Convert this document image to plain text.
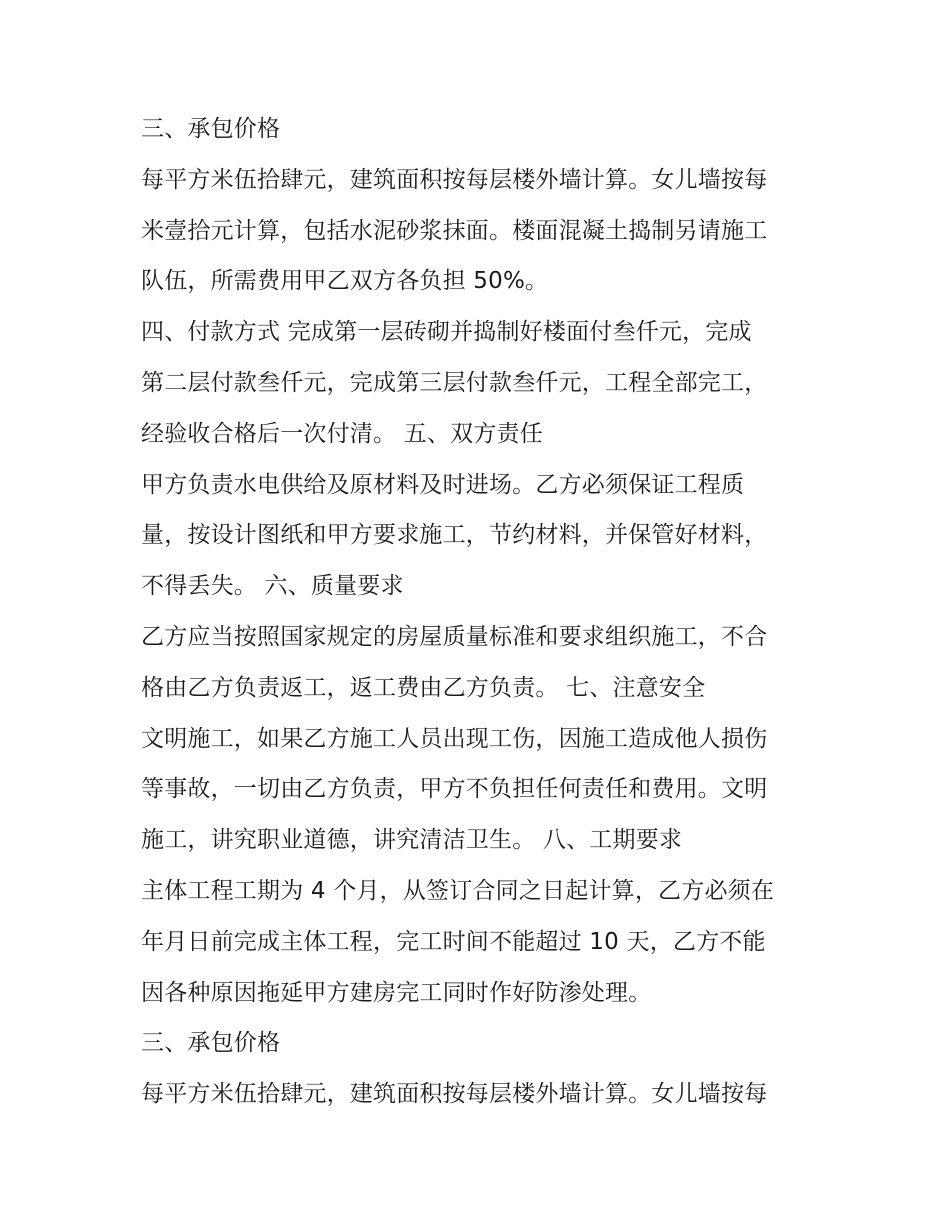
三、承包价格
每平方米伍拾肆元，建筑面积按每层楼外墙计算。女儿墙按每
米壹拾元计算，包括水泥砂浆抹面。楼面混凝土捣制另请施工
队伍，所需费用甲乙双方各负担 50%。
四、付款方式 完成第一层砖砌并捣制好楼面付叁仟元，完成
第二层付款叁仟元，完成第三层付款叁仟元，工程全部完工，
经验收合格后一次付清。 五、双方责任
甲方负责水电供给及原材料及时进场。乙方必须保证工程质
量，按设计图纸和甲方要求施工，节约材料，并保管好材料，
不得丢失。 六、质量要求
乙方应当按照国家规定的房屋质量标准和要求组织施工，不合
格由乙方负责返工，返工费由乙方负责。 七、注意安全
文明施工，如果乙方施工人员出现工伤，因施工造成他人损伤
等事故，一切由乙方负责，甲方不负担任何责任和费用。文明
施工，讲究职业道德，讲究清洁卫生。 八、工期要求
主体工程工期为 4 个月，从签订合同之日起计算，乙方必须在
年月日前完成主体工程，完工时间不能超过 10 天，乙方不能
因各种原因拖延甲方建房完工同时作好防渗处理。
三、承包价格
每平方米伍拾肆元，建筑面积按每层楼外墙计算。女儿墙按每
